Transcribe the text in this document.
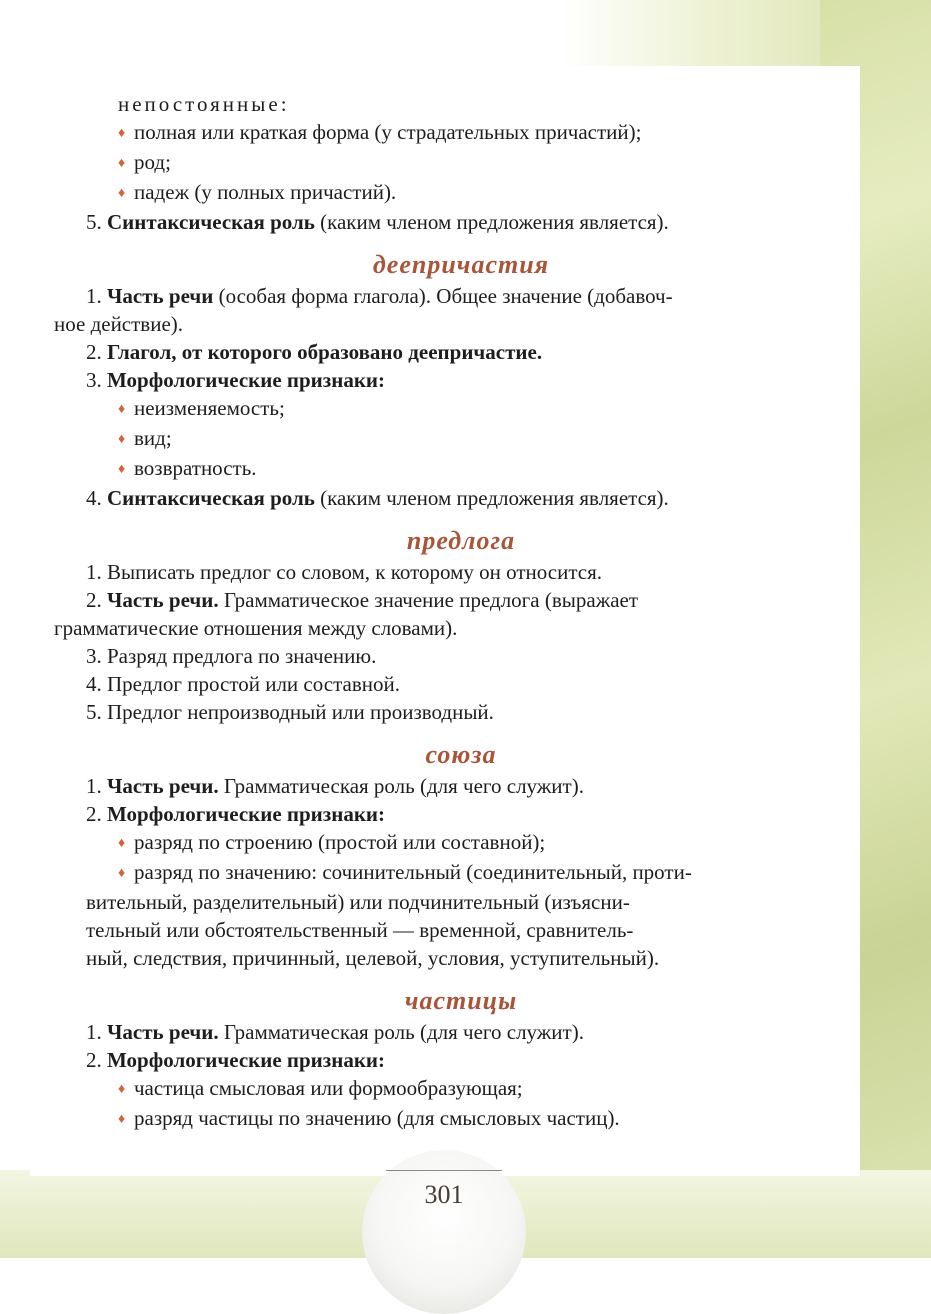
непостоянные:
♦ полная или краткая форма (у страдательных причастий);
♦ род;
♦ падеж (у полных причастий).
5. Синтаксическая роль (каким членом предложения является).
деепричастия
1. Часть речи (особая форма глагола). Общее значение (добавоч-
ное действие).
2. Глагол, от которого образовано деепричастие.
3. Морфологические признаки:
♦ неизменяемость;
♦ вид;
♦ возвратность.
4. Синтаксическая роль (каким членом предложения является).
предлога
1. Выписать предлог со словом, к которому он относится.
2. Часть речи. Грамматическое значение предлога (выражает
грамматические отношения между словами).
3. Разряд предлога по значению.
4. Предлог простой или составной.
5. Предлог непроизводный или производный.
союза
1. Часть речи. Грамматическая роль (для чего служит).
2. Морфологические признаки:
♦ разряд по строению (простой или составной);
♦ разряд по значению: сочинительный (соединительный, проти-
вительный, разделительный) или подчинительный (изъясни-
тельный или обстоятельственный — временной, сравнитель-
ный, следствия, причинный, целевой, условия, уступительный).
частицы
1. Часть речи. Грамматическая роль (для чего служит).
2. Морфологические признаки:
♦ частица смысловая или формообразующая;
♦ разряд частицы по значению (для смысловых частиц).
301
